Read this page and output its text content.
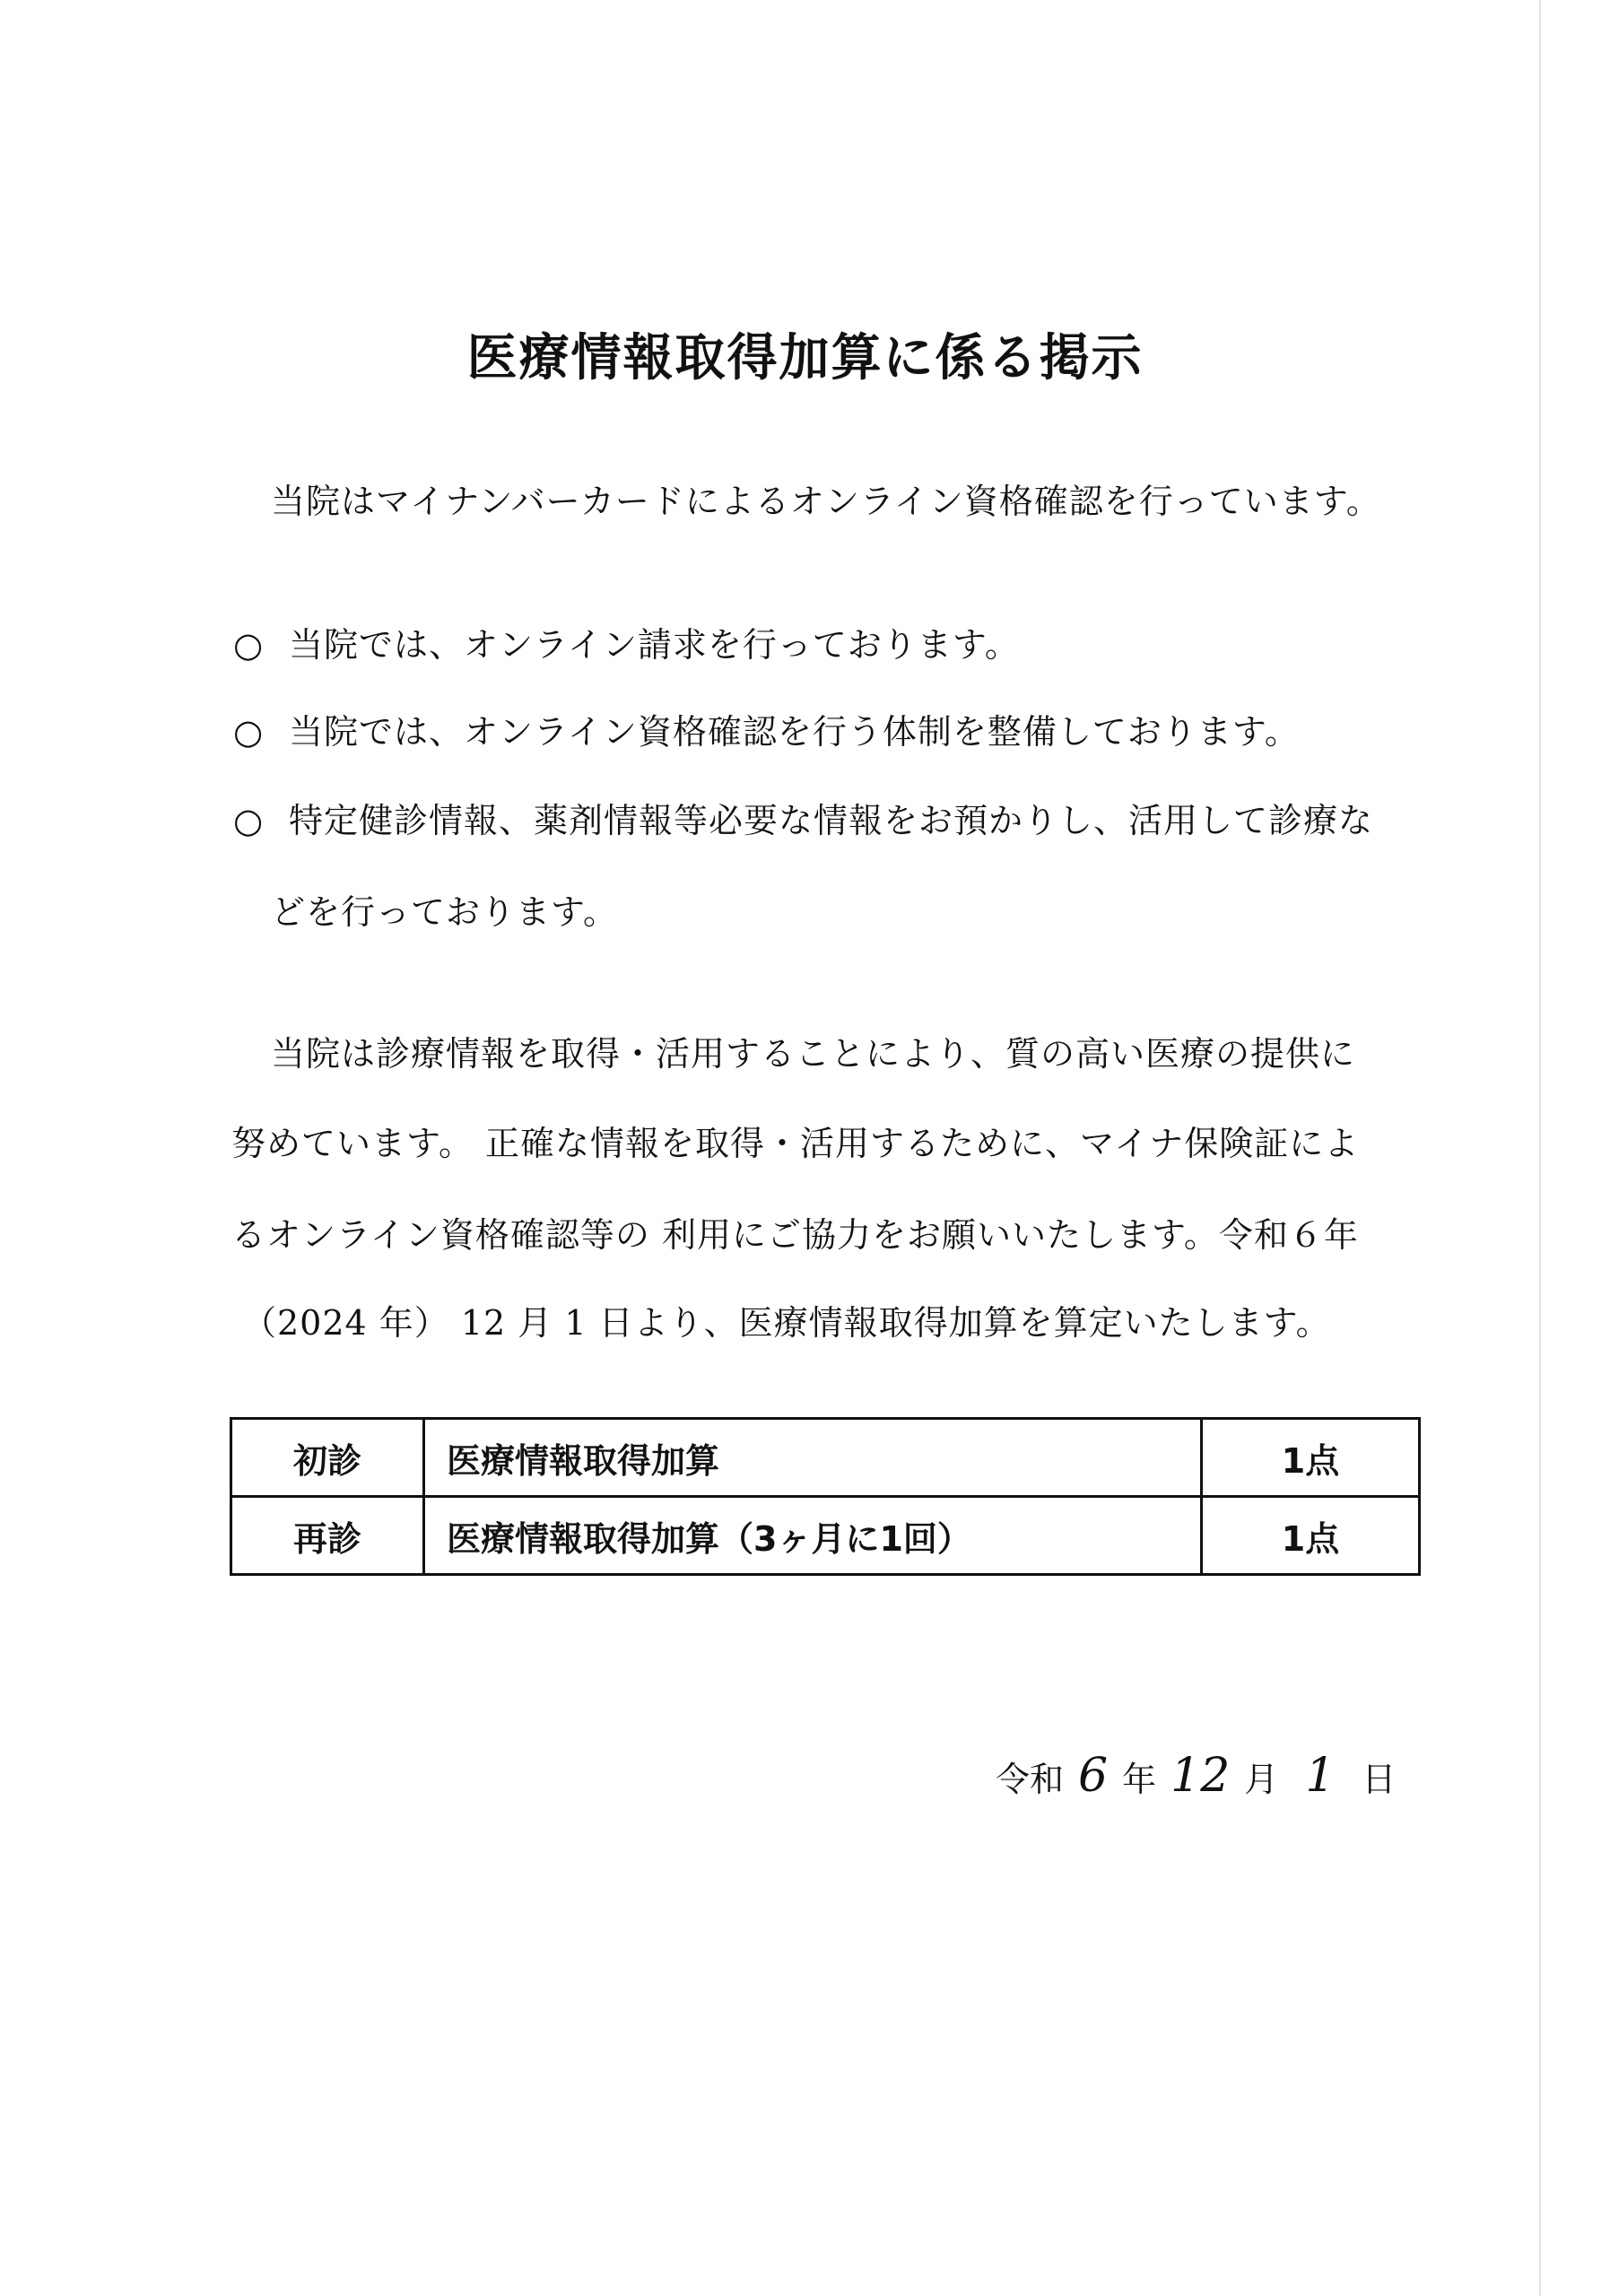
医療情報取得加算に係る掲示

当院はマイナンバーカードによるオンライン資格確認を行っています。

○ 当院では、オンライン請求を行っております。

○ 当院では、オンライン資格確認を行う体制を整備しております。

○ 特定健診情報、薬剤情報等必要な情報をお預かりし、活用して診療な

どを行っております。

当院は診療情報を取得・活用することにより、質の高い医療の提供に

努めています。 正確な情報を取得・活用するために、マイナ保険証によ

るオンライン資格確認等の 利用にご協力をお願いいたします。令和６年

（2024 年） 12 月 1 日より、医療情報取得加算を算定いたします。

初診	医療情報取得加算	1点
再診	医療情報取得加算（3ヶ月に1回）	1点
令和 6 年 12 月 1 日
